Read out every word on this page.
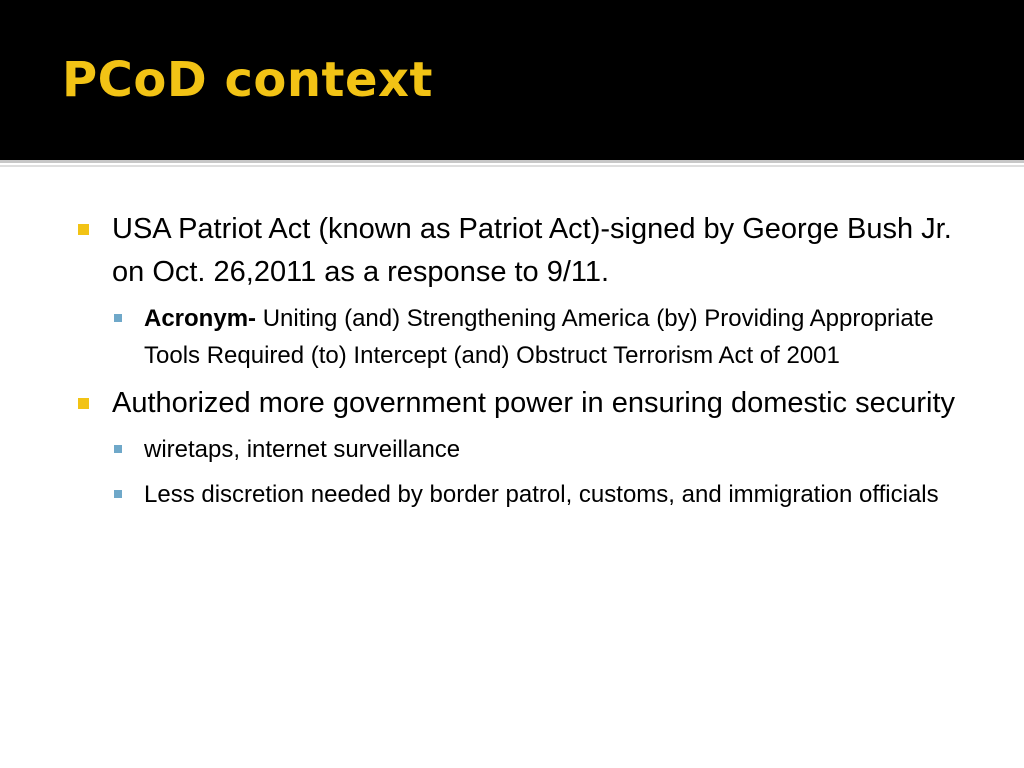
PCoD context
USA Patriot Act (known as Patriot Act)-signed by George Bush Jr. on Oct. 26,2011 as a response to 9/11.
Acronym- Uniting (and) Strengthening America (by) Providing Appropriate Tools Required (to) Intercept (and) Obstruct Terrorism Act of 2001
Authorized more government power in ensuring domestic security
wiretaps, internet surveillance
Less discretion needed by border patrol, customs, and immigration officials
